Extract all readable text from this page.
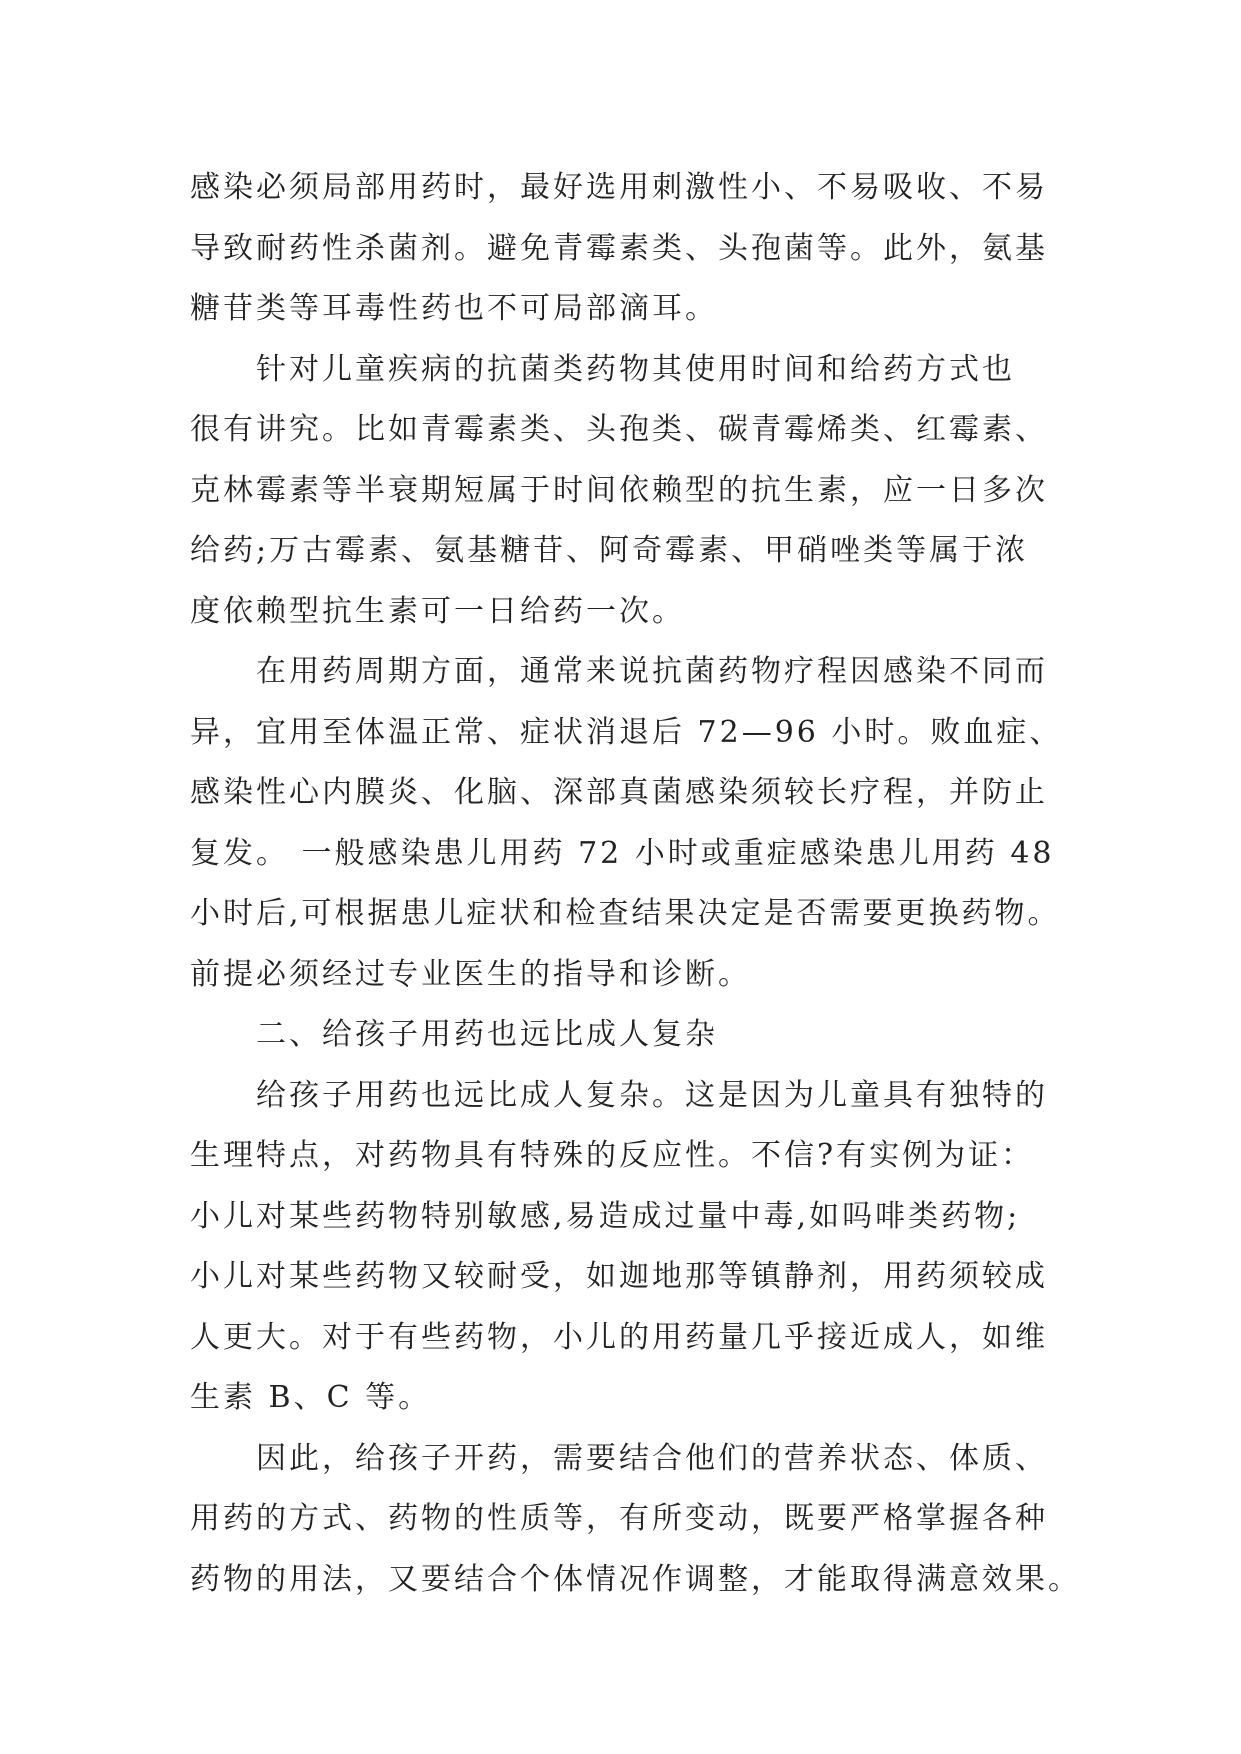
感染必须局部用药时，最好选用刺激性小、不易吸收、不易
导致耐药性杀菌剂。避免青霉素类、头孢菌等。此外，氨基
糖苷类等耳毒性药也不可局部滴耳。
针对儿童疾病的抗菌类药物其使用时间和给药方式也
很有讲究。比如青霉素类、头孢类、碳青霉烯类、红霉素、
克林霉素等半衰期短属于时间依赖型的抗生素，应一日多次
给药;万古霉素、氨基糖苷、阿奇霉素、甲硝唑类等属于浓
度依赖型抗生素可一日给药一次。
在用药周期方面，通常来说抗菌药物疗程因感染不同而
异，宜用至体温正常、症状消退后 72—96 小时。败血症、
感染性心内膜炎、化脑、深部真菌感染须较长疗程，并防止
复发。 一般感染患儿用药 72 小时或重症感染患儿用药 48
小时后,可根据患儿症状和检查结果决定是否需要更换药物。
前提必须经过专业医生的指导和诊断。
二、给孩子用药也远比成人复杂
给孩子用药也远比成人复杂。这是因为儿童具有独特的
生理特点，对药物具有特殊的反应性。不信?有实例为证：
小儿对某些药物特别敏感,易造成过量中毒,如吗啡类药物;
小儿对某些药物又较耐受，如迦地那等镇静剂，用药须较成
人更大。对于有些药物，小儿的用药量几乎接近成人，如维
生素 B、C 等。
因此，给孩子开药，需要结合他们的营养状态、体质、
用药的方式、药物的性质等，有所变动，既要严格掌握各种
药物的用法，又要结合个体情况作调整，才能取得满意效果。
